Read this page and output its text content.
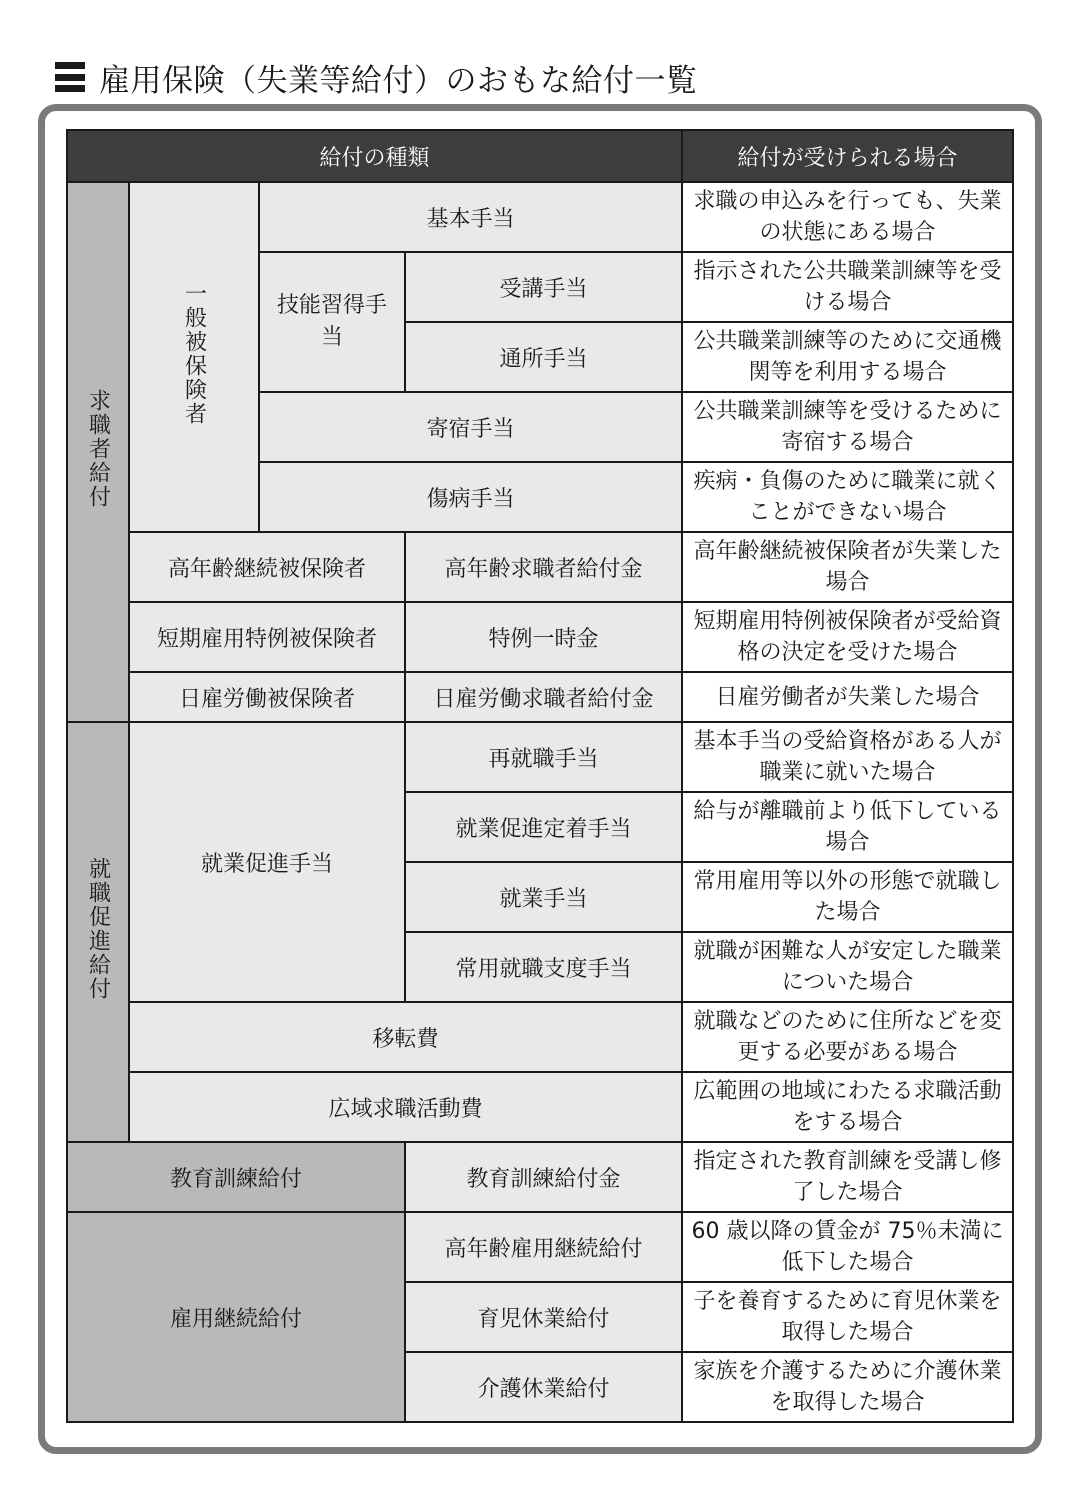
雇用保険（失業等給付）のおもな給付一覧
給付の種類				給付が受けられる場合
求職者給付	一般被保険者	基本手当		求職の申込みを行っても、失業の状態にある場合
		技能習得手当	受講手当	指示された公共職業訓練等を受ける場合
			通所手当	公共職業訓練等のために交通機関等を利用する場合
		寄宿手当		公共職業訓練等を受けるために寄宿する場合
		傷病手当		疾病・負傷のために職業に就くことができない場合
	高年齢継続被保険者		高年齢求職者給付金	高年齢継続被保険者が失業した場合
	短期雇用特例被保険者		特例一時金	短期雇用特例被保険者が受給資格の決定を受けた場合
	日雇労働被保険者		日雇労働求職者給付金	日雇労働者が失業した場合
就職促進給付	就業促進手当		再就職手当	基本手当の受給資格がある人が職業に就いた場合
			就業促進定着手当	給与が離職前より低下している場合
			就業手当	常用雇用等以外の形態で就職した場合
			常用就職支度手当	就職が困難な人が安定した職業についた場合
	移転費			就職などのために住所などを変更する必要がある場合
	広域求職活動費			広範囲の地域にわたる求職活動をする場合
教育訓練給付			教育訓練給付金	指定された教育訓練を受講し修了した場合
雇用継続給付			高年齢雇用継続給付	60 歳以降の賃金が 75％未満に低下した場合
			育児休業給付	子を養育するために育児休業を取得した場合
			介護休業給付	家族を介護するために介護休業を取得した場合
